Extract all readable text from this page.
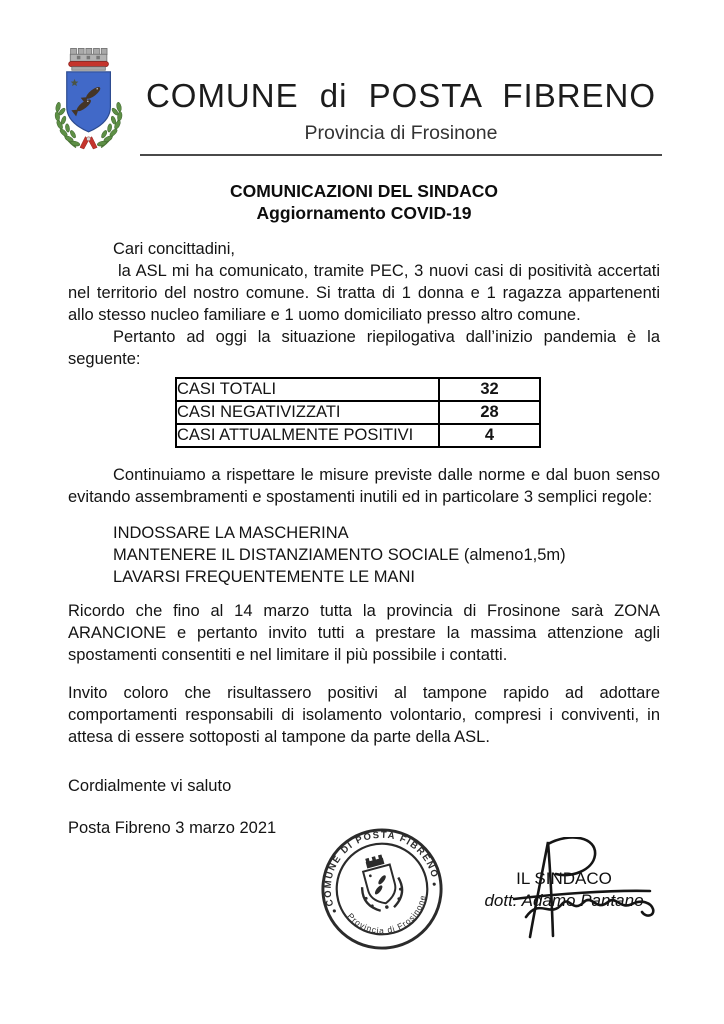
COMUNE di POSTA FIBRENO
Provincia di Frosinone
COMUNICAZIONI DEL SINDACO
Aggiornamento COVID-19
Cari concittadini,
la ASL mi ha comunicato, tramite PEC, 3 nuovi casi di positività accertati nel territorio del nostro comune. Si tratta di 1 donna e 1 ragazza appartenenti allo stesso nucleo familiare e 1 uomo domiciliato presso altro comune.
Pertanto ad oggi la situazione riepilogativa dall’inizio pandemia è la seguente:
CASI TOTALI	32
CASI NEGATIVIZZATI	28
CASI ATTUALMENTE POSITIVI	4
Continuiamo a rispettare le misure previste dalle norme e dal buon senso evitando assembramenti e spostamenti inutili ed in particolare 3 semplici regole:
INDOSSARE LA MASCHERINA
MANTENERE IL DISTANZIAMENTO SOCIALE (almeno1,5m)
LAVARSI FREQUENTEMENTE LE MANI
Ricordo che fino al 14 marzo tutta la provincia di Frosinone sarà ZONA ARANCIONE e pertanto invito tutti a prestare la massima attenzione agli spostamenti consentiti e nel limitare il più possibile i contatti.
Invito coloro che risultassero positivi al tampone rapido ad adottare comportamenti responsabili di isolamento volontario, compresi i conviventi, in attesa di essere sottoposti al tampone da parte della ASL.
Cordialmente vi saluto
Posta Fibreno 3 marzo 2021
COMUNE DI POSTA FIBRENO
Provincia di Frosinone
IL SINDACO
dott. Adamo Pantano
